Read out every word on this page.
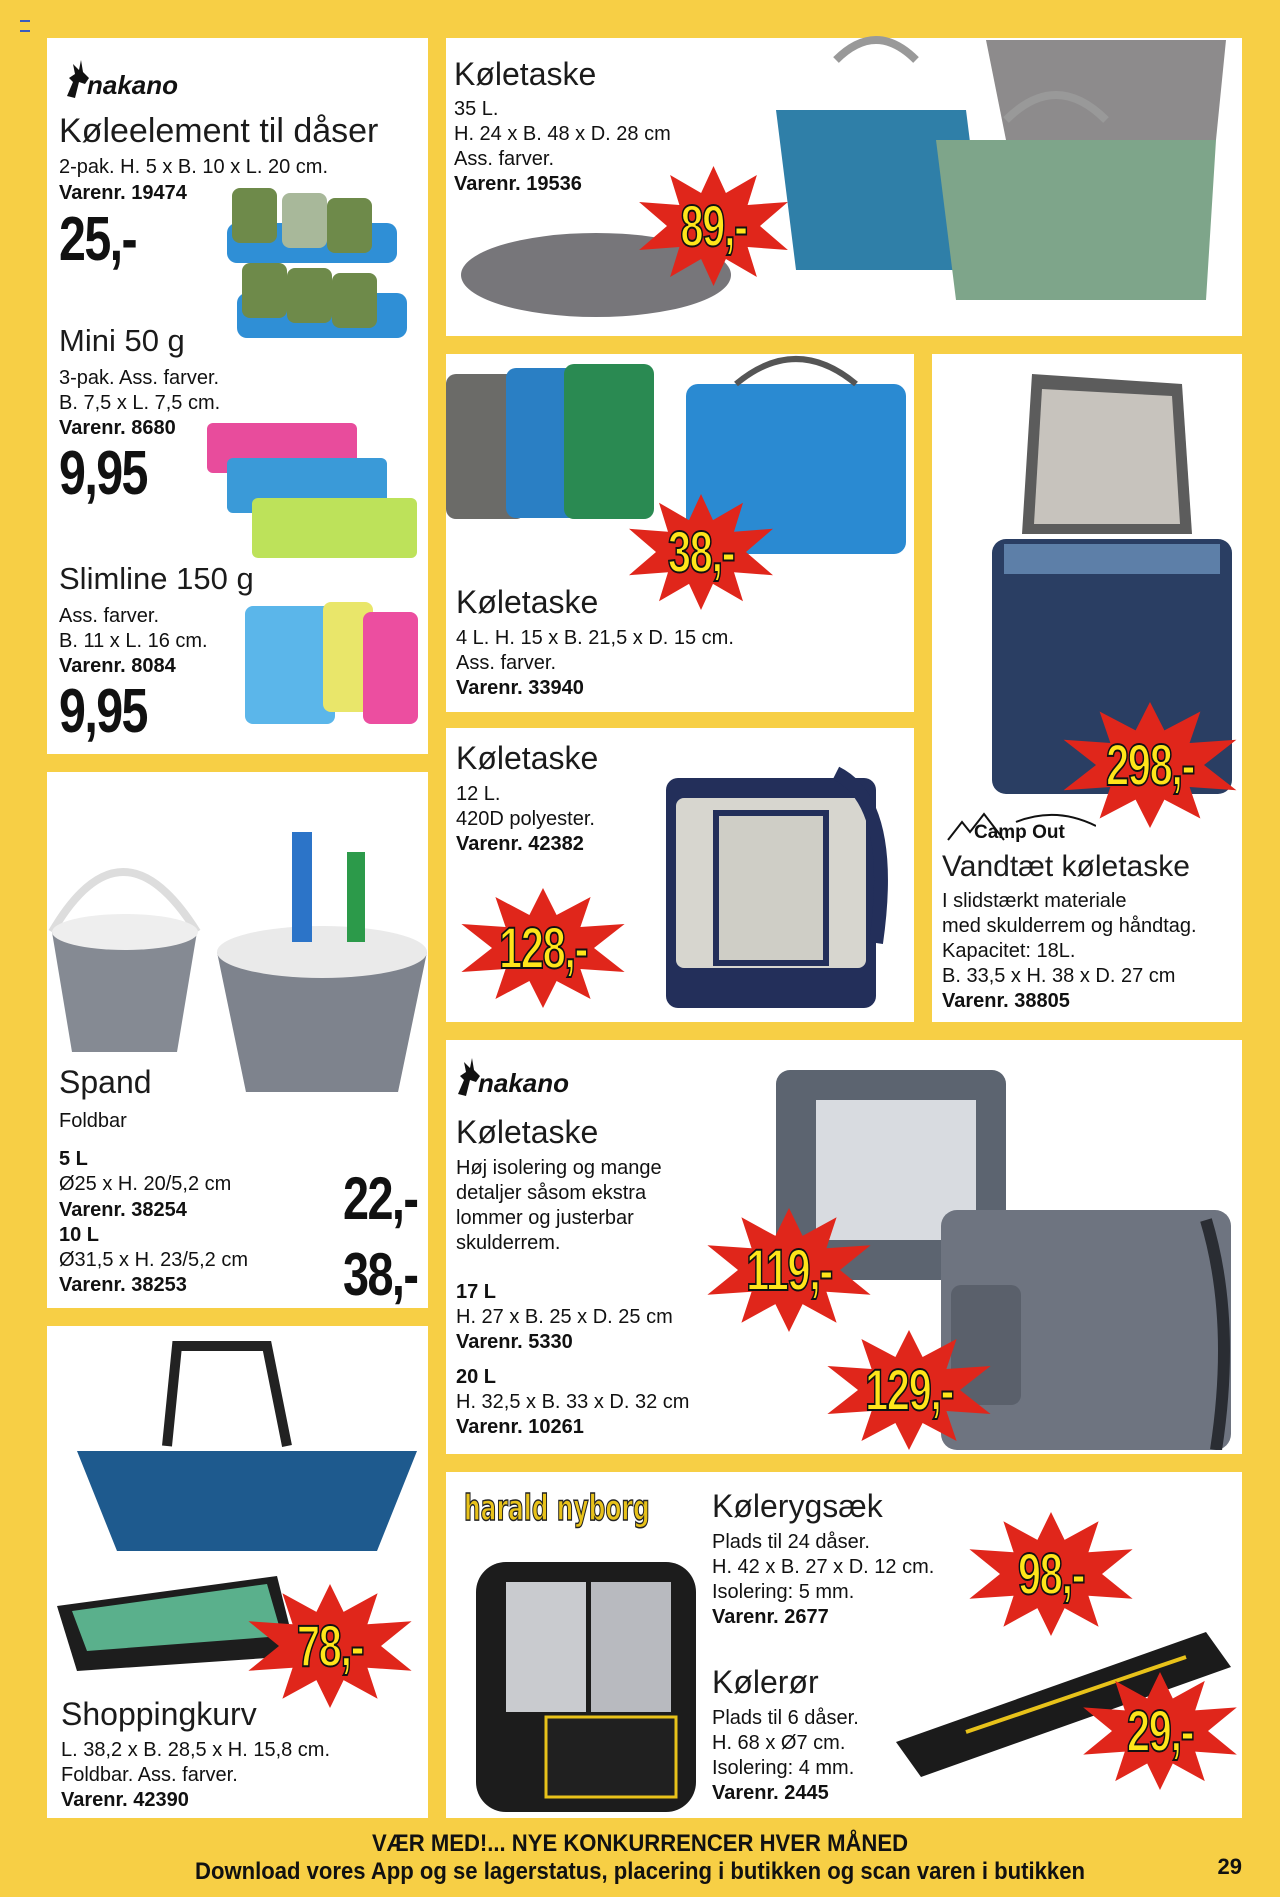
nakano
Køleelement til dåser
2-pak. H. 5 x B. 10 x L. 20 cm.
Varenr. 19474
25,-
Mini 50 g
3-pak. Ass. farver.
B. 7,5 x L. 7,5 cm.
Varenr. 8680
9,95
Slimline 150 g
Ass. farver.
B. 11 x L. 16 cm.
Varenr. 8084
9,95
Køletaske
35 L.
H. 24 x B. 48 x D. 28 cm
Ass. farver.
Varenr. 19536
89,-
Køletaske
4 L. H. 15 x B. 21,5 x D. 15 cm.
Ass. farver.
Varenr. 33940
38,-
Køletaske
12 L.
420D polyester.
Varenr. 42382
128,-
298,-
Camp Out
Vandtæt køletaske
I slidstærkt materiale
med skulderrem og håndtag.
Kapacitet: 18L.
B. 33,5 x H. 38 x D. 27 cm
Varenr. 38805
Spand
Foldbar
5 L
Ø25 x H. 20/5,2 cm
Varenr. 38254
10 L
Ø31,5 x H. 23/5,2 cm
Varenr. 38253
22,-
38,-
nakano
Køletaske
Høj isolering og mange
detaljer såsom ekstra
lommer og justerbar
skulderrem.
17 L
H. 27 x B. 25 x D. 25 cm
Varenr. 5330
20 L
H. 32,5 x B. 33 x D. 32 cm
Varenr. 10261
119,-
129,-
78,-
Shoppingkurv
L. 38,2 x B. 28,5 x H. 15,8 cm.
Foldbar. Ass. farver.
Varenr. 42390
harald nyborg Kølerygsæk
Plads til 24 dåser.
H. 42 x B. 27 x D. 12 cm.
Isolering: 5 mm.
Varenr. 2677
98,-
Kølerør
Plads til 6 dåser.
H. 68 x Ø7 cm.
Isolering: 4 mm.
Varenr. 2445
29,-
VÆR MED!... NYE KONKURRENCER HVER MÅNED
Download vores App og se lagerstatus, placering i butikken og scan varen i butikken	29
